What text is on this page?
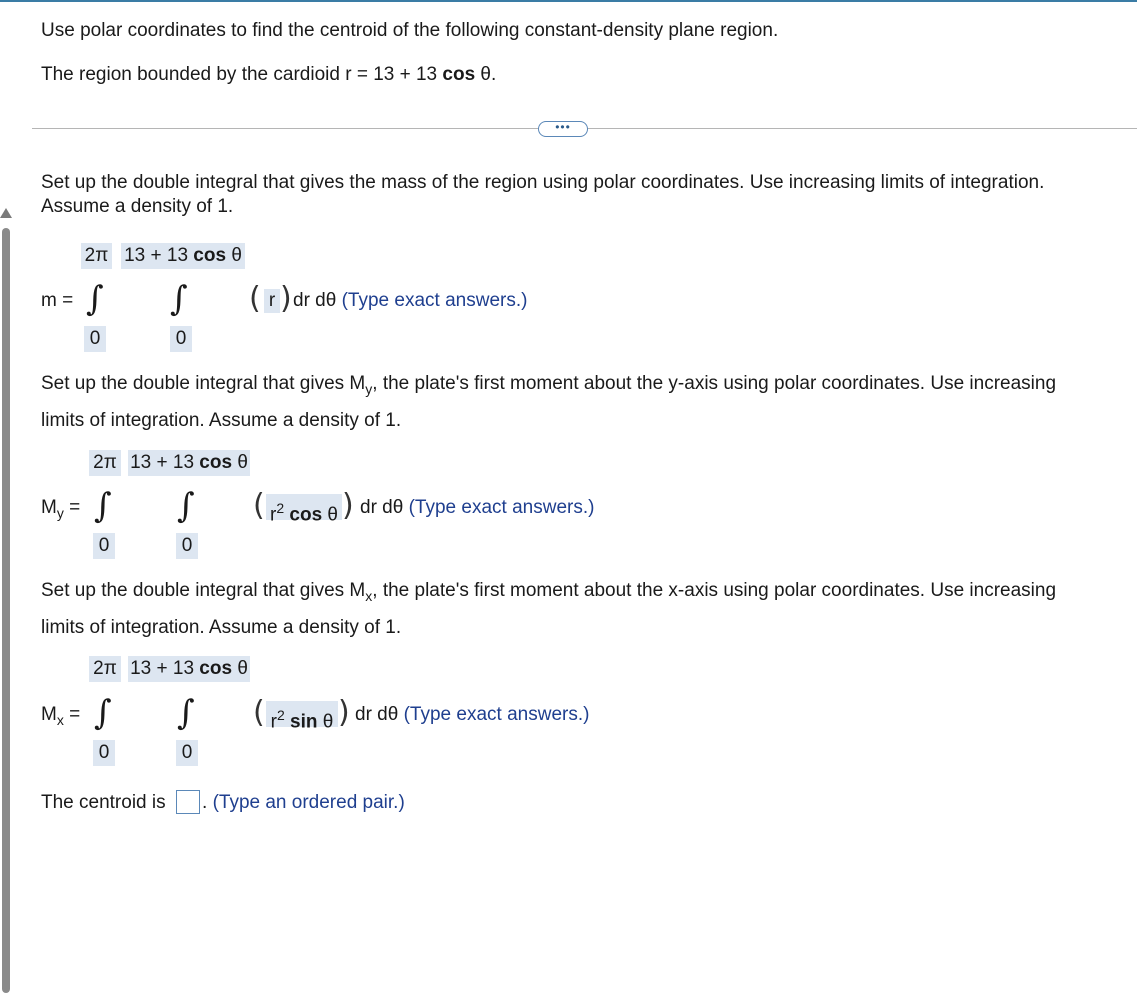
Use polar coordinates to find the centroid of the following constant-density plane region.
The region bounded by the cardioid r = 13 + 13 cos θ.
•••
Set up the double integral that gives the mass of the region using polar coordinates. Use increasing limits of integration. Assume a density of 1.
m =
2π
∫
0
13 + 13 cos θ
∫
0
( r ) dr dθ (Type exact answers.)
Set up the double integral that gives $M_y$, the plate's first moment about the y-axis using polar coordinates. Use increasing limits of integration. Assume a density of 1.
$M_y$ =
2π
∫
0
13 + 13 cos θ
∫
0
( $r^2$ cos θ ) dr dθ (Type exact answers.)
Set up the double integral that gives $M_x$, the plate's first moment about the x-axis using polar coordinates. Use increasing limits of integration. Assume a density of 1.
$M_x$ =
2π
∫
0
13 + 13 cos θ
∫
0
( $r^2$ sin θ ) dr dθ (Type exact answers.)
The centroid is . (Type an ordered pair.)
